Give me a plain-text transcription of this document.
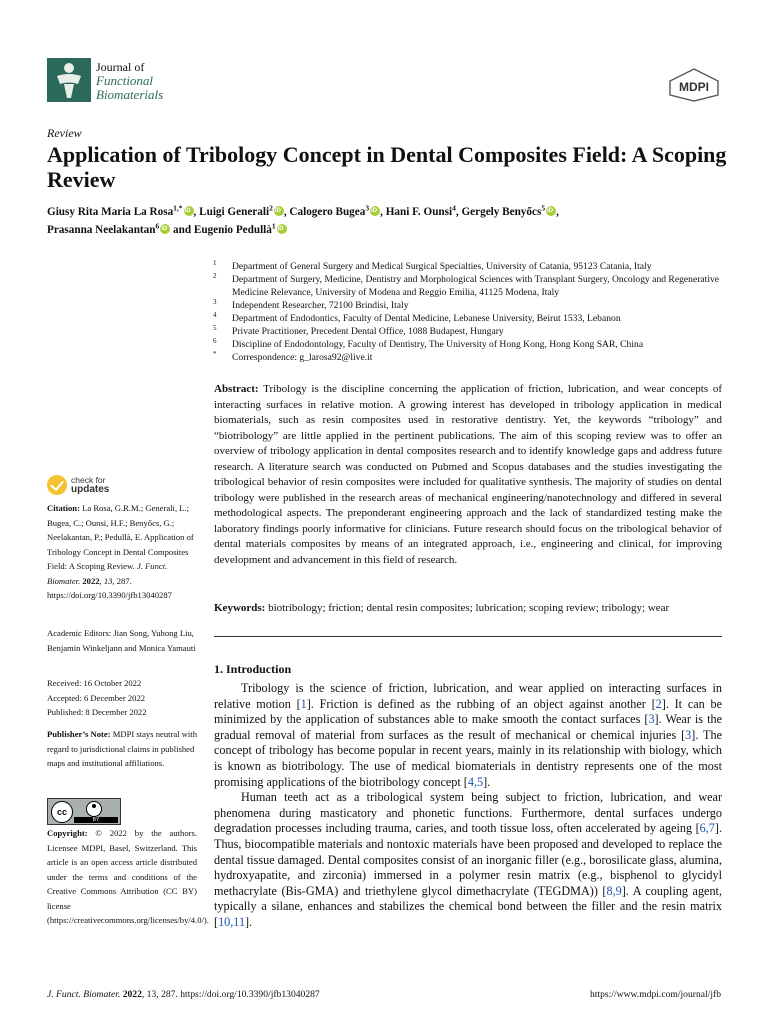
Journal of
Functional
Biomaterials	MDPI
Review
Application of Tribology Concept in Dental Composites Field: A Scoping Review
Giusy Rita Maria La Rosa$^{1,*}$ iD , Luigi Generali$^2$ iD , Calogero Bugea$^3$ iD , Hani F. Ounsi$^4$, Gergely Benyőcs$^5$ iD ,
Prasanna Neelakantan$^6$iD and Eugenio Pedullà$^1$iD
1 Department of General Surgery and Medical Surgical Specialties, University of Catania, 95123 Catania, Italy
2 Department of Surgery, Medicine, Dentistry and Morphological Sciences with Transplant Surgery, Oncology and Regenerative Medicine Relevance, University of Modena and Reggio Emilia, 41125 Modena, Italy
3 Independent Researcher, 72100 Brindisi, Italy
4 Department of Endodontics, Faculty of Dental Medicine, Lebanese University, Beirut 1533, Lebanon
5 Private Practitioner, Precedent Dental Office, 1088 Budapest, Hungary
6 Discipline of Endodontology, Faculty of Dentistry, The University of Hong Kong, Hong Kong SAR, China
* Correspondence: g_larosa92@live.it

Abstract: Tribology is the discipline concerning the application of friction, lubrication, and wear concepts of interacting surfaces in relative motion. A growing interest has developed in tribology application in medical biomaterials, such as resin composites used in restorative dentistry. Yet, the keywords “tribology” and “biotribology” are little applied in the pertinent publications. The aim of this scoping review was to offer an overview of tribology application in dental composites research and to identify knowledge gaps and address future research. A literature search was conducted on Pubmed and Scopus databases and the studies investigating the tribological behavior of resin composites were included for qualitative synthesis. The majority of studies on dental tribology were published in the research areas of mechanical engineering/nanotechnology and differed in several methodological aspects. The preponderant engineering approach and the lack of standardized testing make the laboratory findings poorly informative for clinicians. Future research should focus on the tribological behavior of dental materials composites by means of an integrated approach, i.e., engineering and clinical, for improving development and advancement in this field of research.

Keywords: biotribology; friction; dental resin composites; lubrication; scoping review; tribology; wear

check for
updates
Citation: La Rosa, G.R.M.; Generali, L.; Bugea, C.; Ounsi, H.F.; Benyőcs, G.; Neelakantan, P.; Pedullà, E. Application of Tribology Concept in Dental Composites Field: A Scoping Review. J. Funct. Biomater. 2022, 13, 287. https://doi.org/10.3390/jfb13040287
Academic Editors: Jian Song, Yuhong Liu, Benjamin Winkeljann and Monica Yamauti
Received: 16 October 2022
Accepted: 6 December 2022
Published: 8 December 2022
Publisher’s Note: MDPI stays neutral with regard to jurisdictional claims in published maps and institutional affiliations.
cc
BY
Copyright: © 2022 by the authors. Licensee MDPI, Basel, Switzerland. This article is an open access article distributed under the terms and conditions of the Creative Commons Attribution (CC BY) license (https://creativecommons.org/licenses/by/4.0/).
1. Introduction

Tribology is the science of friction, lubrication, and wear applied on interacting surfaces in relative motion [1]. Friction is defined as the rubbing of an object against another [2]. It can be minimized by the application of substances able to make smooth the contact surfaces [3]. Wear is the gradual removal of material from surfaces as the result of mechanical or chemical injuries [3]. The concept of tribology has become popular in recent years, mainly in its relationship with biology, which is known as biotribology. The use of medical biomaterials in dentistry represents one of the most promising applications of the biotribology concept [4,5].

Human teeth act as a tribological system being subject to friction, lubrication, and wear phenomena during masticatory and phonetic functions. Furthermore, dental surfaces undergo degradation processes including trauma, caries, and tooth tissue loss, often accelerated by ageing [6,7]. Thus, biocompatible materials and nontoxic materials have been proposed and developed to replace the dental tissue damaged. Dental composites consist of an inorganic filler (e.g., borosilicate glass, alumina, hydroxyapatite, and zirconia) immersed in a polymer resin matrix (e.g., bisphenol to glycidyl methacrylate (Bis-GMA) and triethylene glycol dimethacrylate (TEGDMA)) [8,9]. A coupling agent, typically a silane, enhances and stabilizes the chemical bond between the filler and the resin matrix [10,11].

J. Funct. Biomater. 2022, 13, 287. https://doi.org/10.3390/jfb13040287	https://www.mdpi.com/journal/jfb
